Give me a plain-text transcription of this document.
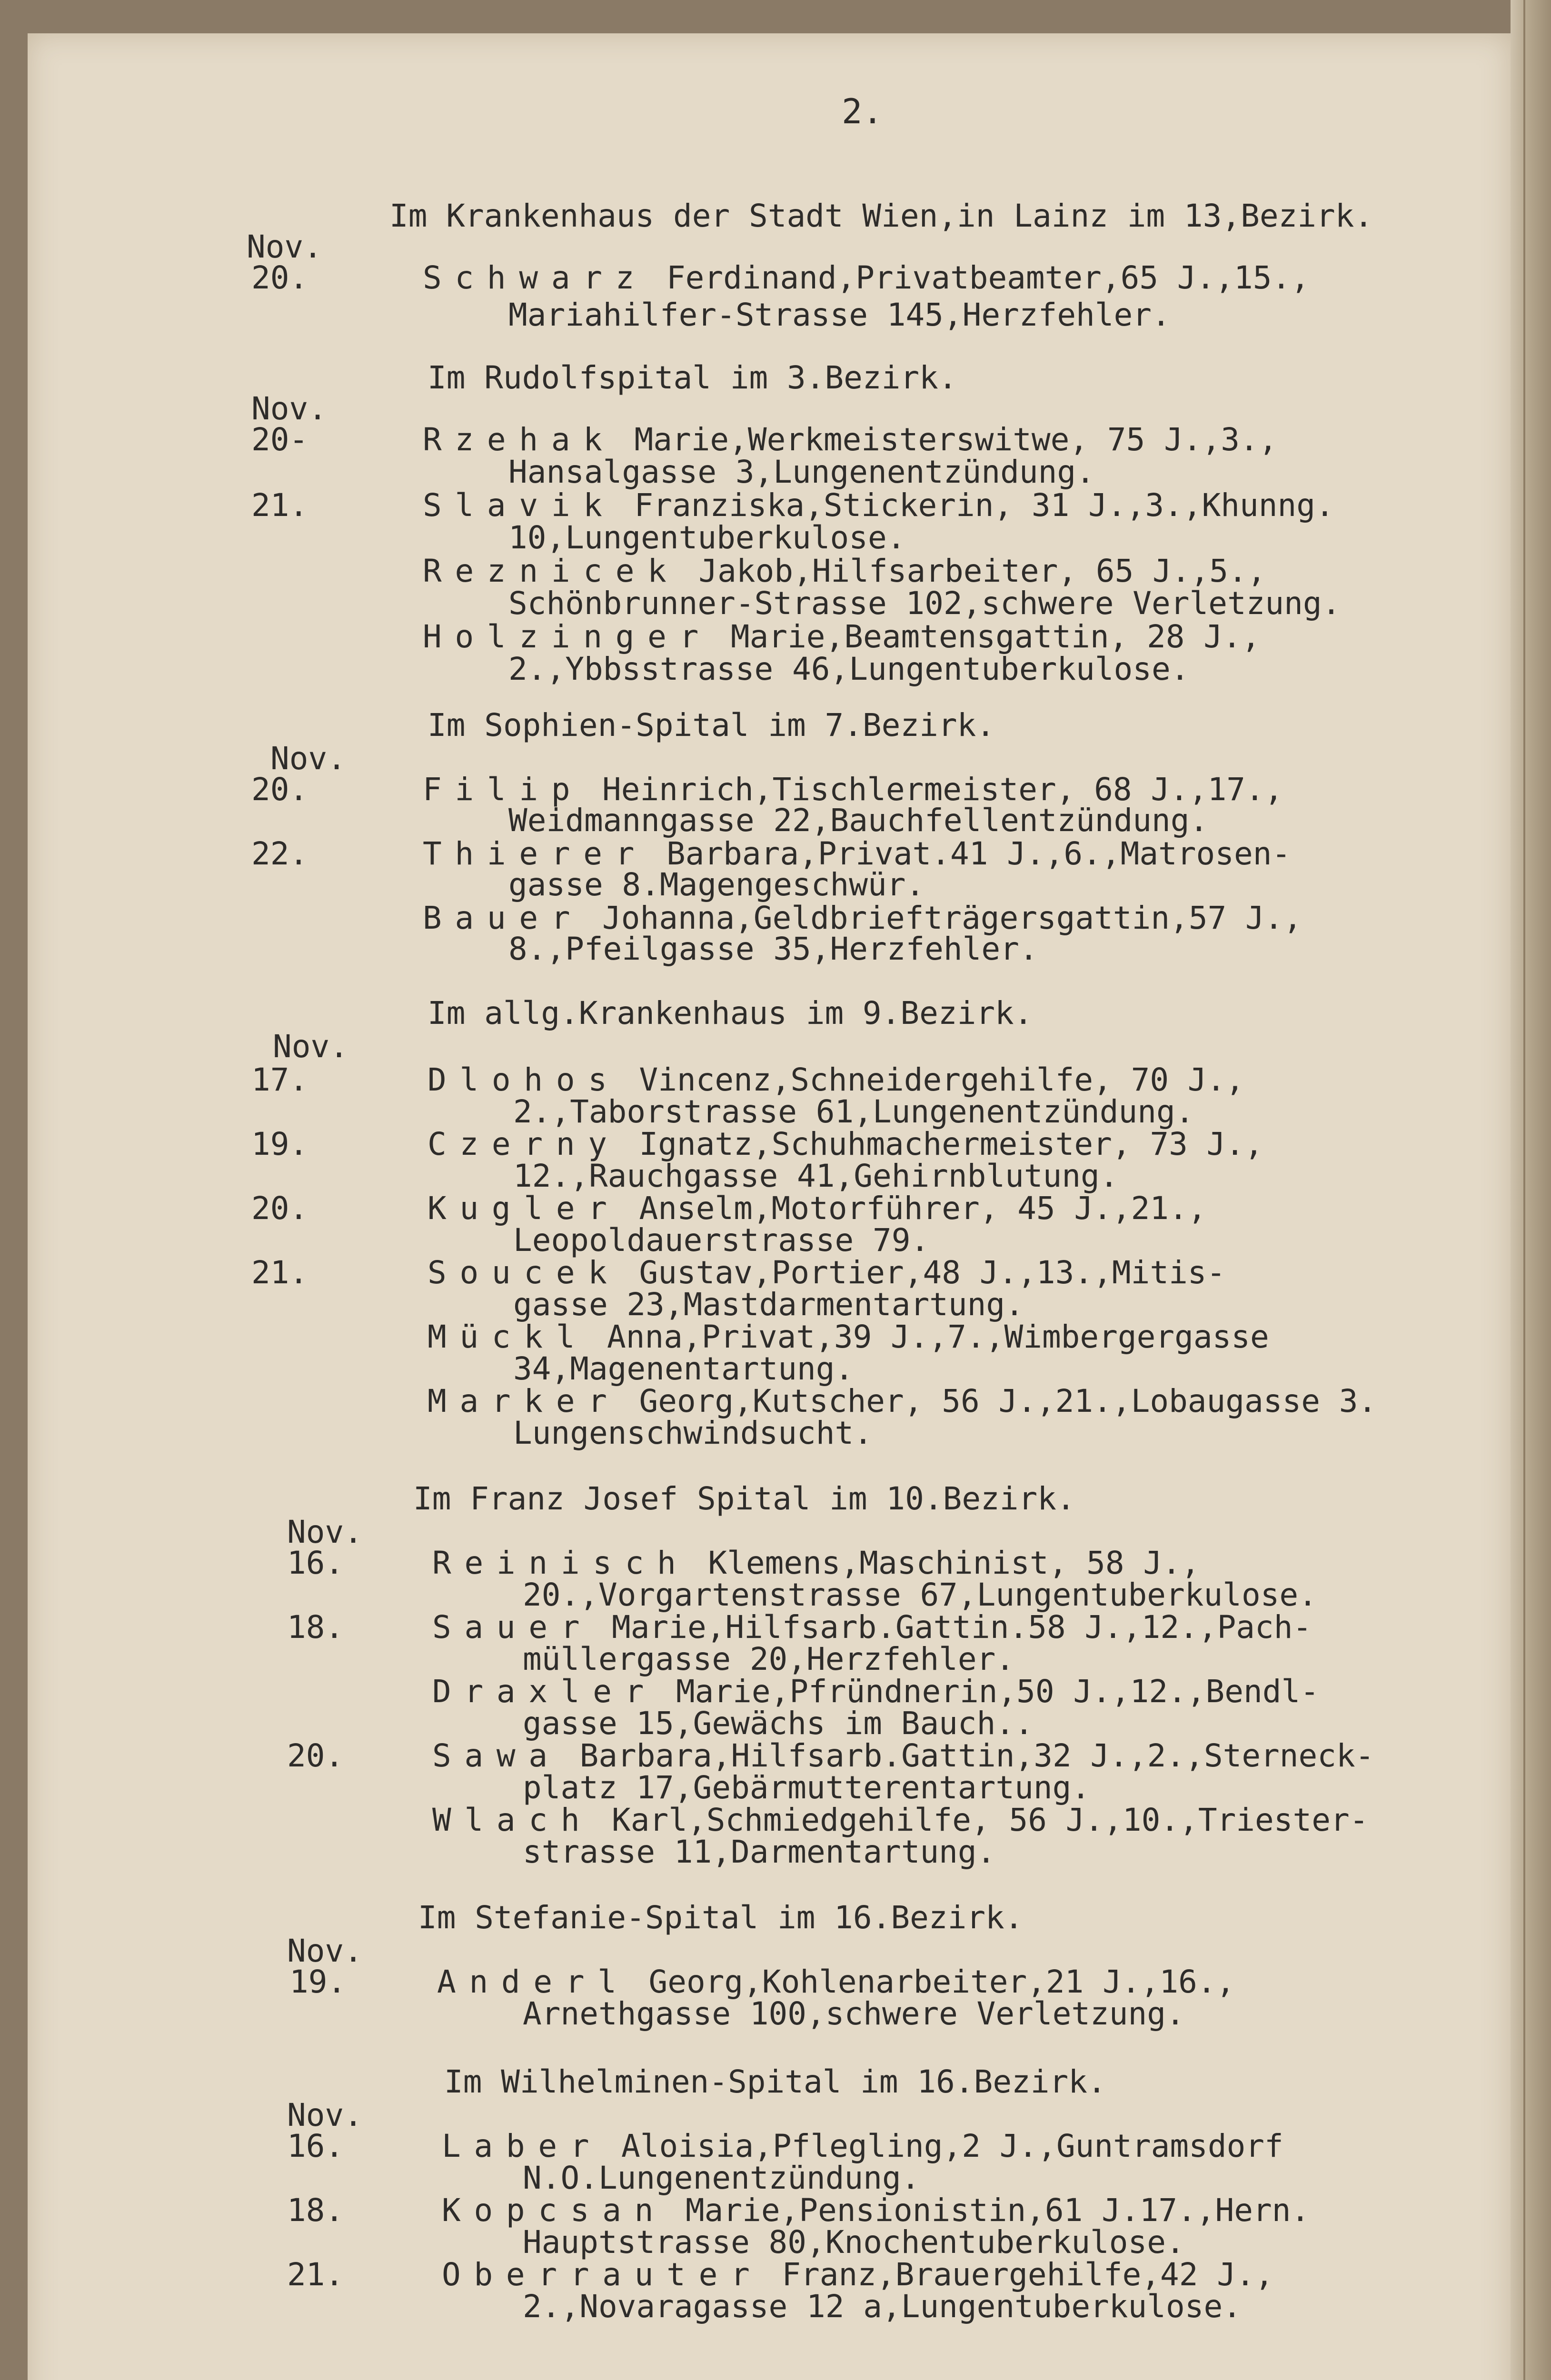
2.
Im Krankenhaus der Stadt Wien,in Lainz im 13,Bezirk.
Nov.
20.	Schwarz Ferdinand,Privatbeamter,65 J.,15.,
Mariahilfer-Strasse 145,Herzfehler.
Im Rudolfspital im 3.Bezirk.
Nov.
20-	Rzehak Marie,Werkmeisterswitwe, 75 J.,3.,
Hansalgasse 3,Lungenentzündung.
21.	Slavik Franziska,Stickerin, 31 J.,3.,Khunng.
10,Lungentuberkulose.
Reznicek Jakob,Hilfsarbeiter, 65 J.,5.,
Schönbrunner-Strasse 102,schwere Verletzung.
Holzinger Marie,Beamtensgattin, 28 J.,
2.,Ybbsstrasse 46,Lungentuberkulose.
Im Sophien-Spital im 7.Bezirk.
Nov.
20.	Filip Heinrich,Tischlermeister, 68 J.,17.,
Weidmanngasse 22,Bauchfellentzündung.
22.	Thierer Barbara,Privat.41 J.,6.,Matrosen-
gasse 8.Magengeschwür.
Bauer Johanna,Geldbriefträgersgattin,57 J.,
8.,Pfeilgasse 35,Herzfehler.
Im allg.Krankenhaus im 9.Bezirk.
Nov.
17.	Dlohos Vincenz,Schneidergehilfe, 70 J.,
2.,Taborstrasse 61,Lungenentzündung.
19.	Czerny Ignatz,Schuhmachermeister, 73 J.,
12.,Rauchgasse 41,Gehirnblutung.
20.	Kugler Anselm,Motorführer, 45 J.,21.,
Leopoldauerstrasse 79.
21.	Soucek Gustav,Portier,48 J.,13.,Mitis-
gasse 23,Mastdarmentartung.
Mückl Anna,Privat,39 J.,7.,Wimbergergasse
34,Magenentartung.
Marker Georg,Kutscher, 56 J.,21.,Lobaugasse 3.
Lungenschwindsucht.
Im Franz Josef Spital im 10.Bezirk.
Nov.
16.	Reinisch Klemens,Maschinist, 58 J.,
20.,Vorgartenstrasse 67,Lungentuberkulose.
18.	Sauer Marie,Hilfsarb.Gattin.58 J.,12.,Pach-
müllergasse 20,Herzfehler.
Draxler Marie,Pfründnerin,50 J.,12.,Bendl-
gasse 15,Gewächs im Bauch..
20.	Sawa Barbara,Hilfsarb.Gattin,32 J.,2.,Sterneck-
platz 17,Gebärmutterentartung.
Wlach Karl,Schmiedgehilfe, 56 J.,10.,Triester-
strasse 11,Darmentartung.
Im Stefanie-Spital im 16.Bezirk.
Nov.
19.	Anderl Georg,Kohlenarbeiter,21 J.,16.,
Arnethgasse 100,schwere Verletzung.
Im Wilhelminen-Spital im 16.Bezirk.
Nov.
16.	Laber Aloisia,Pflegling,2 J.,Guntramsdorf
N.O.Lungenentzündung.
18.	Kopcsan Marie,Pensionistin,61 J.17.,Hern.
Hauptstrasse 80,Knochentuberkulose.
21.	Oberrauter Franz,Brauergehilfe,42 J.,
2.,Novaragasse 12 a,Lungentuberkulose.
